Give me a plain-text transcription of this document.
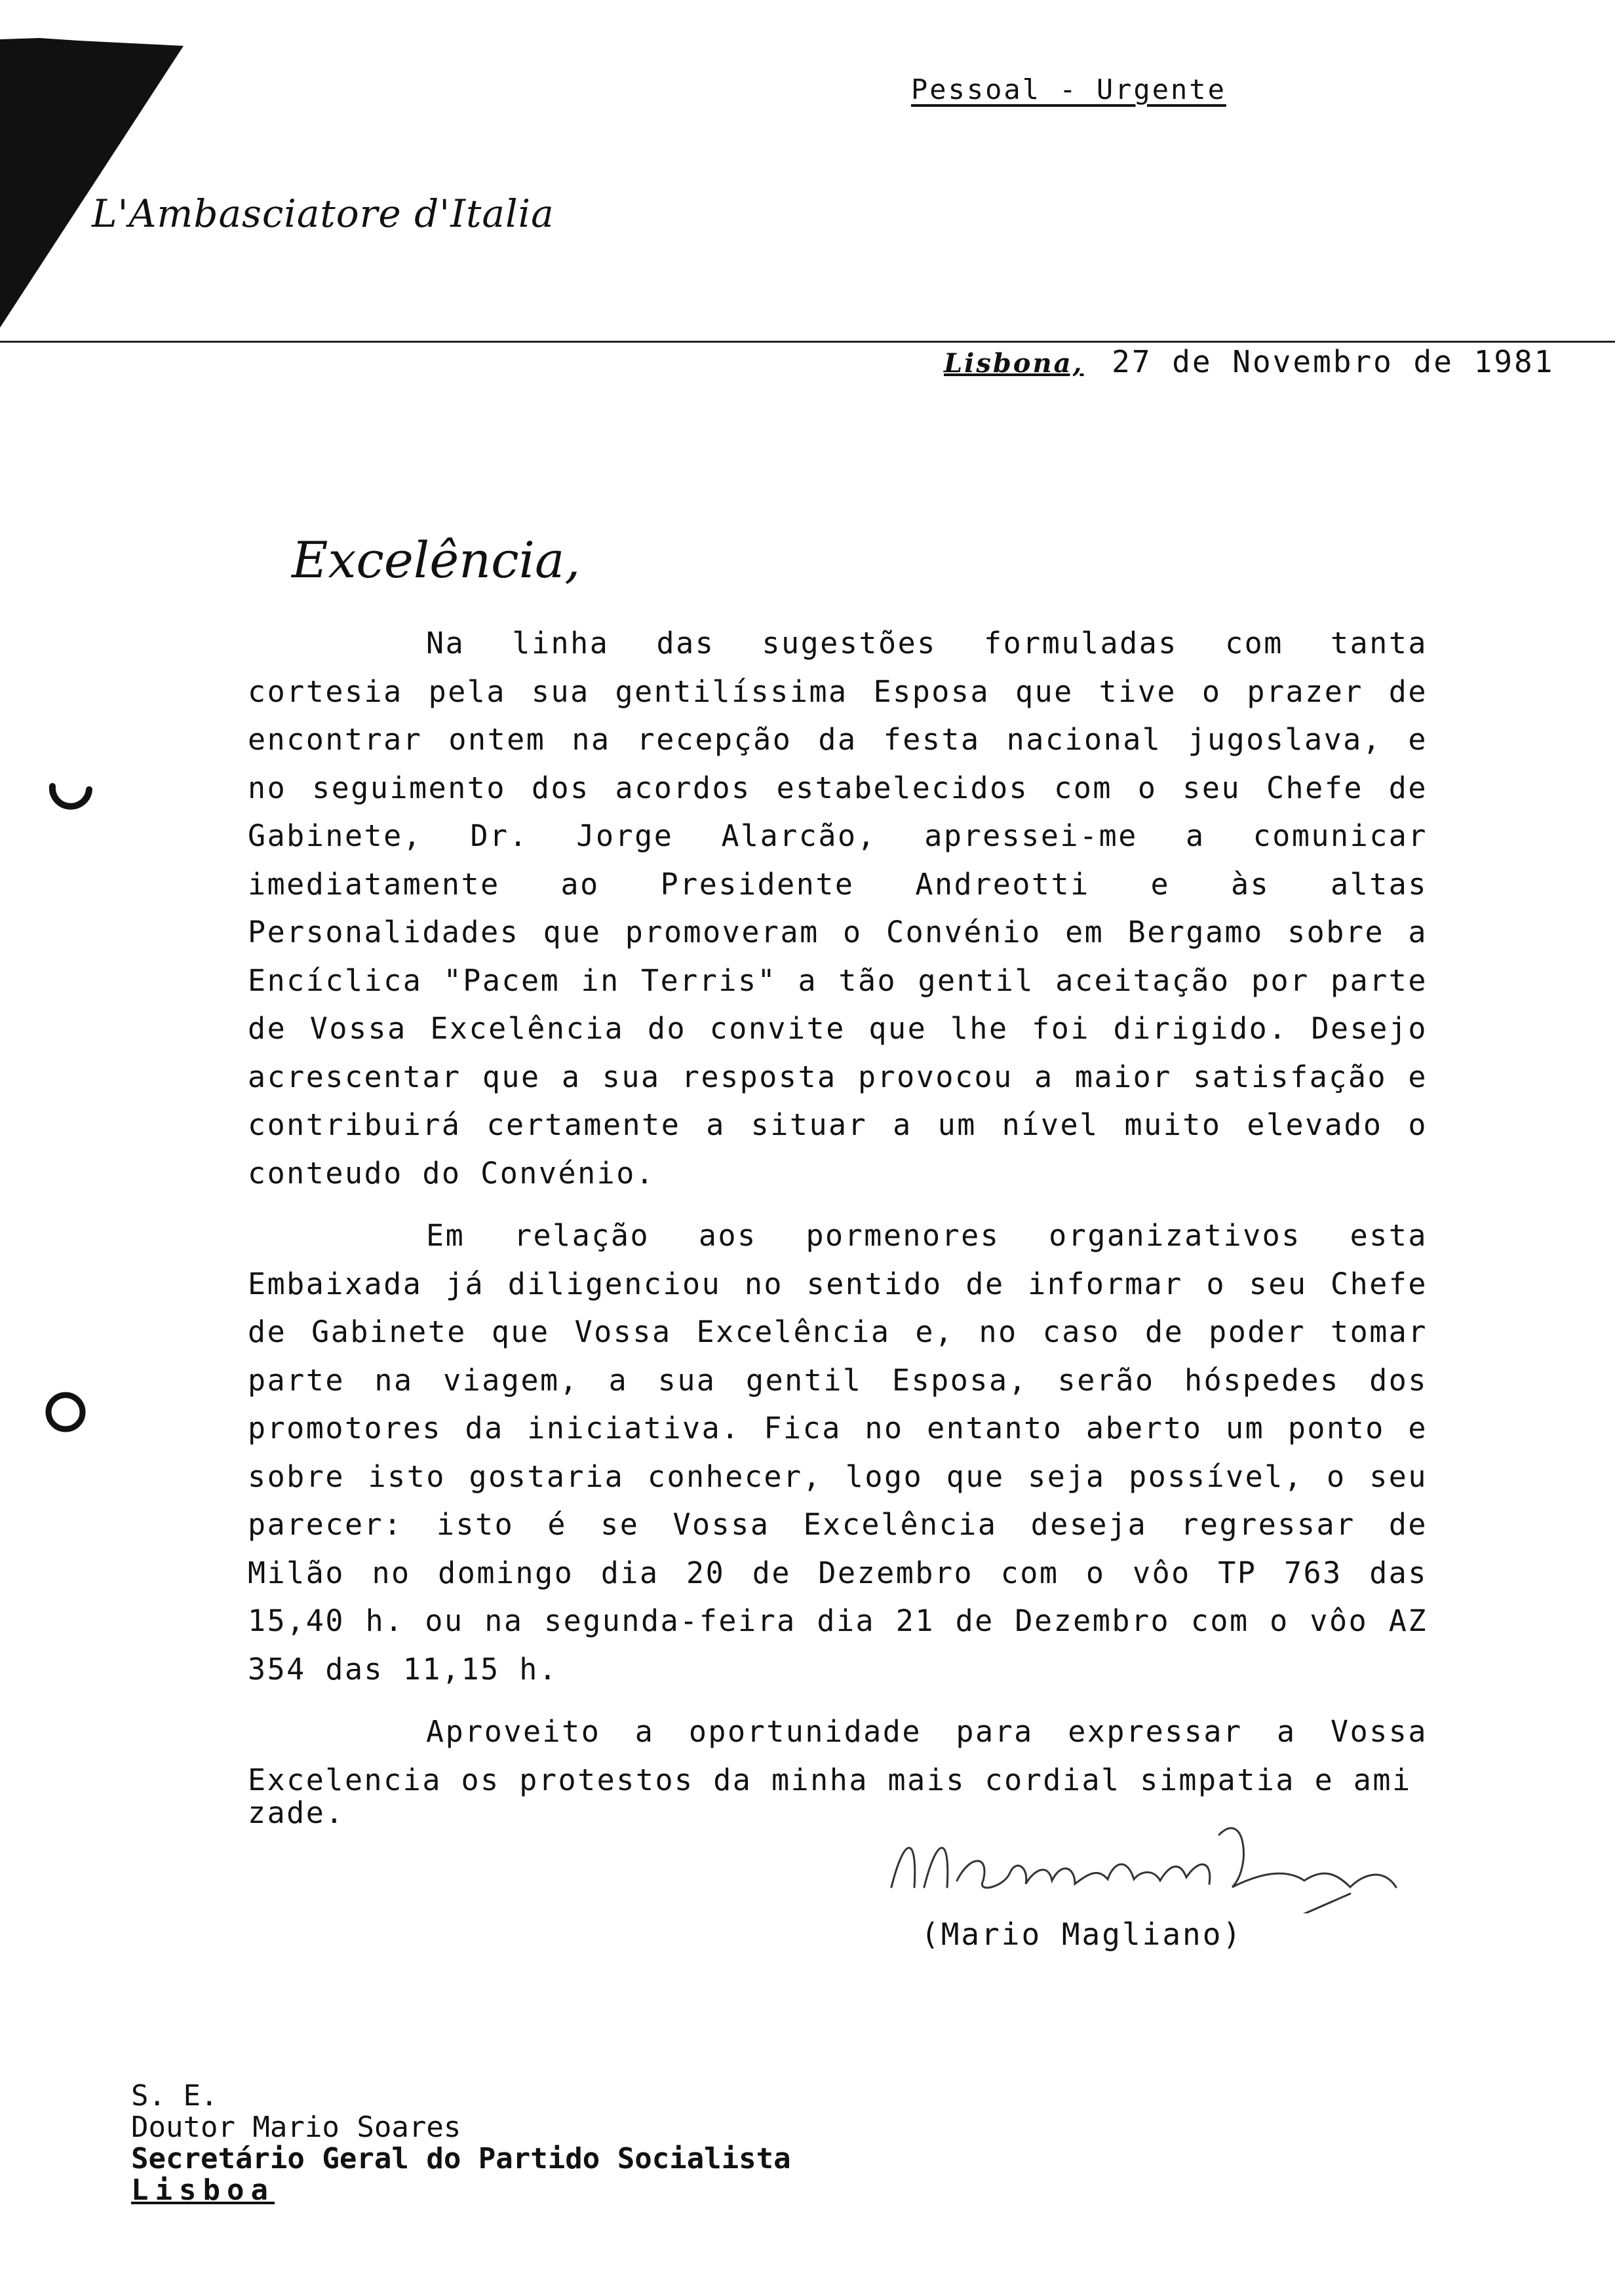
Pessoal - Urgente
L'Ambasciatore d'Italia
Lisbona, 27 de Novembro de 1981
Excelência,

Na linha das sugestões formuladas com tanta cortesia pela sua gentilíssima Esposa que tive o prazer de encontrar ontem na recepção da festa nacional jugoslava, e no seguimento dos acordos estabelecidos com o seu Chefe de Gabinete, Dr. Jorge Alarcão, apressei-me a comunicar imediatamente ao Presidente Andreotti e às altas Personalidades que promoveram o Convénio em Bergamo sobre a Encíclica "Pacem in Terris" a tão gentil aceitação por parte de Vossa Excelência do convite que lhe foi dirigido. Desejo acrescentar que a sua resposta provocou a maior satisfação e contribuirá certamente a situar a um nível muito elevado o conteudo do Convénio.

Em relação aos pormenores organizativos esta Embaixada já diligenciou no sentido de informar o seu Chefe de Gabinete que Vossa Excelência e, no caso de poder tomar parte na viagem, a sua gentil Esposa, serão hóspedes dos promotores da iniciativa. Fica no entanto aberto um ponto e sobre isto gostaria conhecer, logo que seja possível, o seu parecer: isto é se Vossa Excelência deseja regressar de Milão no domingo dia 20 de Dezembro com o vôo TP 763 das 15,40 h. ou na segunda-feira dia 21 de Dezembro com o vôo AZ 354 das 11,15 h.

Aproveito a oportunidade para expressar a Vossa Excelencia os protestos da minha mais cordial simpatia e ami

zade.
(Mario Magliano)
S. E.
Doutor Mario Soares
Secretário Geral do Partido Socialista
Lisboa
